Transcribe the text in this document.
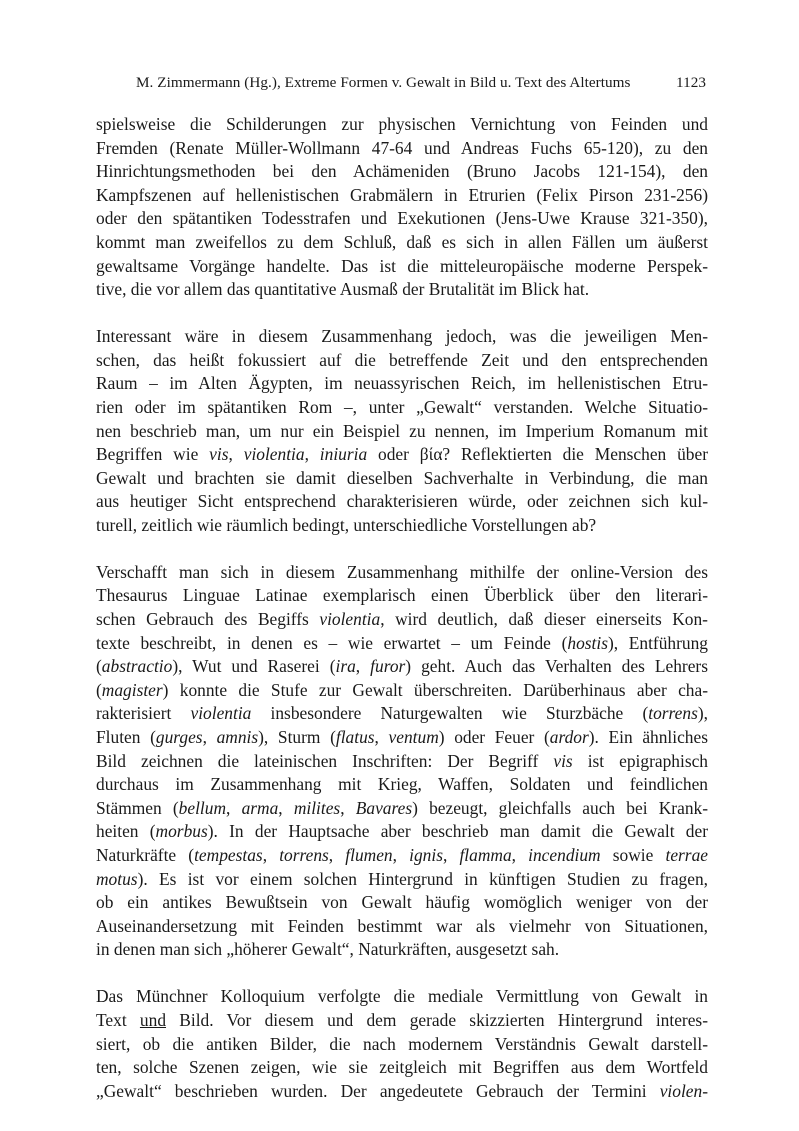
M. Zimmermann (Hg.), Extreme Formen v. Gewalt in Bild u. Text des Altertums	1123
spielsweise die Schilderungen zur physischen Vernichtung von Feinden und
Fremden (Renate Müller-Wollmann 47-64 und Andreas Fuchs 65-120), zu den
Hinrichtungsmethoden bei den Achämeniden (Bruno Jacobs 121-154), den
Kampfszenen auf hellenistischen Grabmälern in Etrurien (Felix Pirson 231-256)
oder den spätantiken Todesstrafen und Exekutionen (Jens-Uwe Krause 321-350),
kommt man zweifellos zu dem Schluß, daß es sich in allen Fällen um äußerst
gewaltsame Vorgänge handelte. Das ist die mitteleuropäische moderne Perspek-
tive, die vor allem das quantitative Ausmaß der Brutalität im Blick hat.
Interessant wäre in diesem Zusammenhang jedoch, was die jeweiligen Men-
schen, das heißt fokussiert auf die betreffende Zeit und den entsprechenden
Raum – im Alten Ägypten, im neuassyrischen Reich, im hellenistischen Etru-
rien oder im spätantiken Rom –, unter „Gewalt“ verstanden. Welche Situatio-
nen beschrieb man, um nur ein Beispiel zu nennen, im Imperium Romanum mit
Begriffen wie vis, violentia, iniuria oder βία? Reflektierten die Menschen über
Gewalt und brachten sie damit dieselben Sachverhalte in Verbindung, die man
aus heutiger Sicht entsprechend charakterisieren würde, oder zeichnen sich kul-
turell, zeitlich wie räumlich bedingt, unterschiedliche Vorstellungen ab?
Verschafft man sich in diesem Zusammenhang mithilfe der online-Version des
Thesaurus Linguae Latinae exemplarisch einen Überblick über den literari-
schen Gebrauch des Begiffs violentia, wird deutlich, daß dieser einerseits Kon-
texte beschreibt, in denen es – wie erwartet – um Feinde (hostis), Entführung
(abstractio), Wut und Raserei (ira, furor) geht. Auch das Verhalten des Lehrers
(magister) konnte die Stufe zur Gewalt überschreiten. Darüberhinaus aber cha-
rakterisiert violentia insbesondere Naturgewalten wie Sturzbäche (torrens),
Fluten (gurges, amnis), Sturm (flatus, ventum) oder Feuer (ardor). Ein ähnliches
Bild zeichnen die lateinischen Inschriften: Der Begriff vis ist epigraphisch
durchaus im Zusammenhang mit Krieg, Waffen, Soldaten und feindlichen
Stämmen (bellum, arma, milites, Bavares) bezeugt, gleichfalls auch bei Krank-
heiten (morbus). In der Hauptsache aber beschrieb man damit die Gewalt der
Naturkräfte (tempestas, torrens, flumen, ignis, flamma, incendium sowie terrae
motus). Es ist vor einem solchen Hintergrund in künftigen Studien zu fragen,
ob ein antikes Bewußtsein von Gewalt häufig womöglich weniger von der
Auseinandersetzung mit Feinden bestimmt war als vielmehr von Situationen,
in denen man sich „höherer Gewalt“, Naturkräften, ausgesetzt sah.
Das Münchner Kolloquium verfolgte die mediale Vermittlung von Gewalt in
Text und Bild. Vor diesem und dem gerade skizzierten Hintergrund interes-
siert, ob die antiken Bilder, die nach modernem Verständnis Gewalt darstell-
ten, solche Szenen zeigen, wie sie zeitgleich mit Begriffen aus dem Wortfeld
„Gewalt“ beschrieben wurden. Der angedeutete Gebrauch der Termini violen-
